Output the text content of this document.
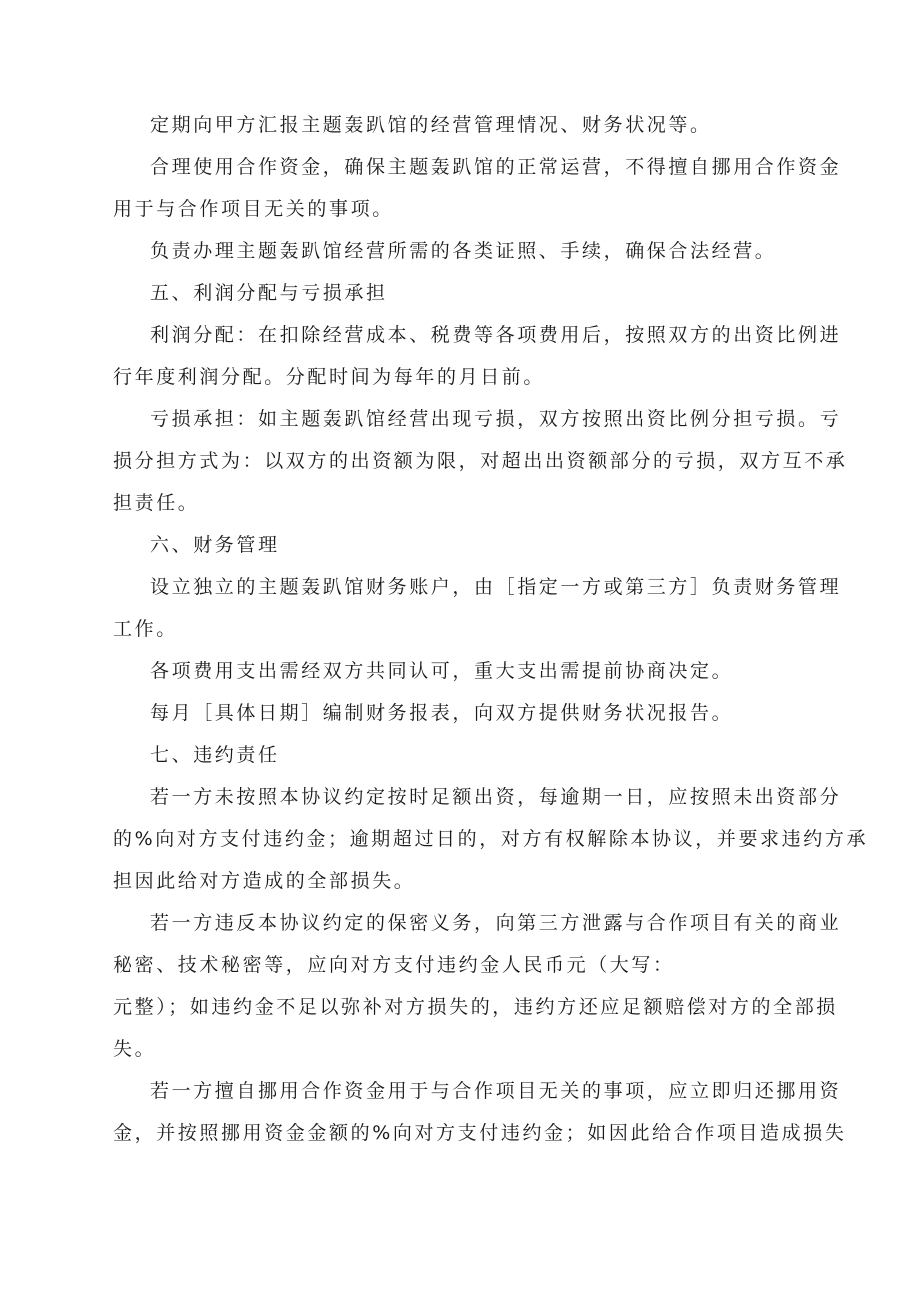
定期向甲方汇报主题轰趴馆的经营管理情况、财务状况等。
合理使用合作资金，确保主题轰趴馆的正常运营，不得擅自挪用合作资金
用于与合作项目无关的事项。
负责办理主题轰趴馆经营所需的各类证照、手续，确保合法经营。
五、利润分配与亏损承担
利润分配：在扣除经营成本、税费等各项费用后，按照双方的出资比例进
行年度利润分配。分配时间为每年的月日前。
亏损承担：如主题轰趴馆经营出现亏损，双方按照出资比例分担亏损。亏
损分担方式为：以双方的出资额为限，对超出出资额部分的亏损，双方互不承
担责任。
六、财务管理
设立独立的主题轰趴馆财务账户，由［指定一方或第三方］负责财务管理
工作。
各项费用支出需经双方共同认可，重大支出需提前协商决定。
每月［具体日期］编制财务报表，向双方提供财务状况报告。
七、违约责任
若一方未按照本协议约定按时足额出资，每逾期一日，应按照未出资部分
的%向对方支付违约金；逾期超过日的，对方有权解除本协议，并要求违约方承
担因此给对方造成的全部损失。
若一方违反本协议约定的保密义务，向第三方泄露与合作项目有关的商业
秘密、技术秘密等，应向对方支付违约金人民币元（大写：
元整）；如违约金不足以弥补对方损失的，违约方还应足额赔偿对方的全部损
失。
若一方擅自挪用合作资金用于与合作项目无关的事项，应立即归还挪用资
金，并按照挪用资金金额的%向对方支付违约金；如因此给合作项目造成损失
